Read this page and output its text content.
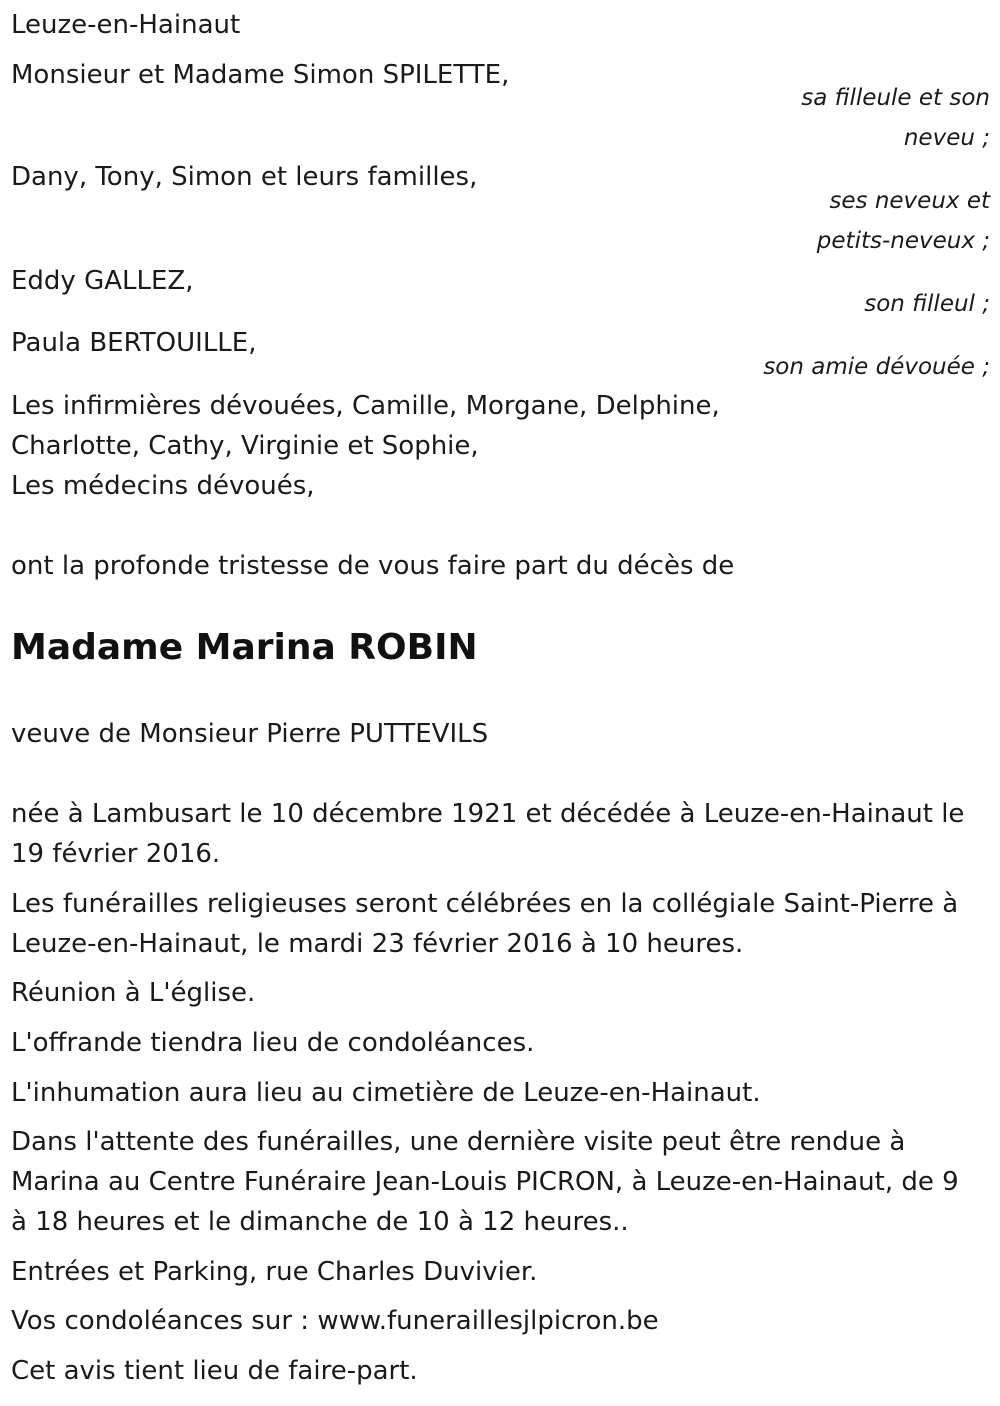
Leuze-en-Hainaut
Monsieur et Madame Simon SPILETTE,
sa filleule et son
neveu ;
Dany, Tony, Simon et leurs familles,
ses neveux et
petits-neveux ;
Eddy GALLEZ,
son filleul ;
Paula BERTOUILLE,
son amie dévouée ;
Les infirmières dévouées, Camille, Morgane, Delphine,
Charlotte, Cathy, Virginie et Sophie,
Les médecins dévoués,
ont la profonde tristesse de vous faire part du décès de
Madame Marina ROBIN
veuve de Monsieur Pierre PUTTEVILS
née à Lambusart le 10 décembre 1921 et décédée à Leuze-en-Hainaut le
19 février 2016.
Les funérailles religieuses seront célébrées en la collégiale Saint-Pierre à
Leuze-en-Hainaut, le mardi 23 février 2016 à 10 heures.
Réunion à L'église.
L'offrande tiendra lieu de condoléances.
L'inhumation aura lieu au cimetière de Leuze-en-Hainaut.
Dans l'attente des funérailles, une dernière visite peut être rendue à
Marina au Centre Funéraire Jean-Louis PICRON, à Leuze-en-Hainaut, de 9
à 18 heures et le dimanche de 10 à 12 heures..
Entrées et Parking, rue Charles Duvivier.
Vos condoléances sur : www.funeraillesjlpicron.be
Cet avis tient lieu de faire-part.
